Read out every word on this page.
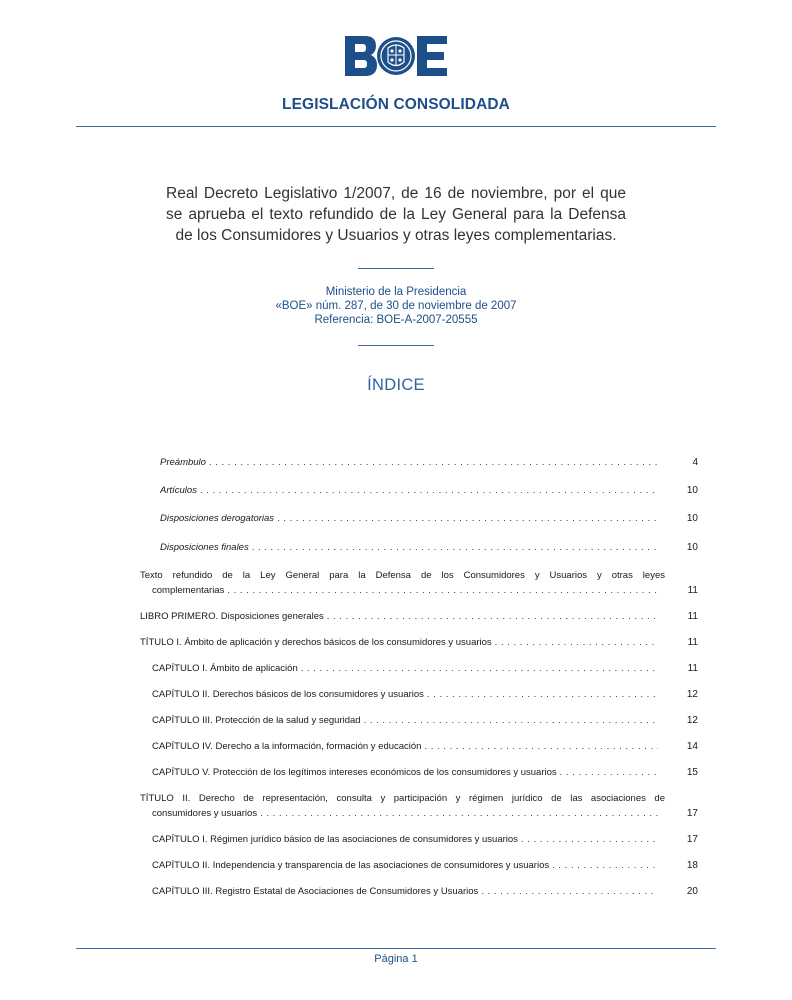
LEGISLACIÓN CONSOLIDADA
Real Decreto Legislativo 1/2007, de 16 de noviembre, por el que se aprueba el texto refundido de la Ley General para la Defensa de los Consumidores y Usuarios y otras leyes complementarias.
Ministerio de la Presidencia
«BOE» núm. 287, de 30 de noviembre de 2007
Referencia: BOE-A-2007-20555
ÍNDICE
Preámbulo . . .	4
Artículos . . .	10
Disposiciones derogatorias . . .	10
Disposiciones finales . . .	10
Texto refundido de la Ley General para la Defensa de los Consumidores y Usuarios y otras leyes
complementarias . . .	11
LIBRO PRIMERO. Disposiciones generales . . .	11
TÍTULO I. Ámbito de aplicación y derechos básicos de los consumidores y usuarios . . .	11
CAPÍTULO I. Ámbito de aplicación . . .	11
CAPÍTULO II. Derechos básicos de los consumidores y usuarios . . .	12
CAPÍTULO III. Protección de la salud y seguridad . . .	12
CAPÍTULO IV. Derecho a la información, formación y educación . . .	14
CAPÍTULO V. Protección de los legítimos intereses económicos de los consumidores y usuarios . . .	15
TÍTULO II. Derecho de representación, consulta y participación y régimen jurídico de las asociaciones de
consumidores y usuarios . . .	17
CAPÍTULO I. Régimen jurídico básico de las asociaciones de consumidores y usuarios . . .	17
CAPÍTULO II. Independencia y transparencia de las asociaciones de consumidores y usuarios . . .	18
CAPÍTULO III. Registro Estatal de Asociaciones de Consumidores y Usuarios . . .	20
Página 1
